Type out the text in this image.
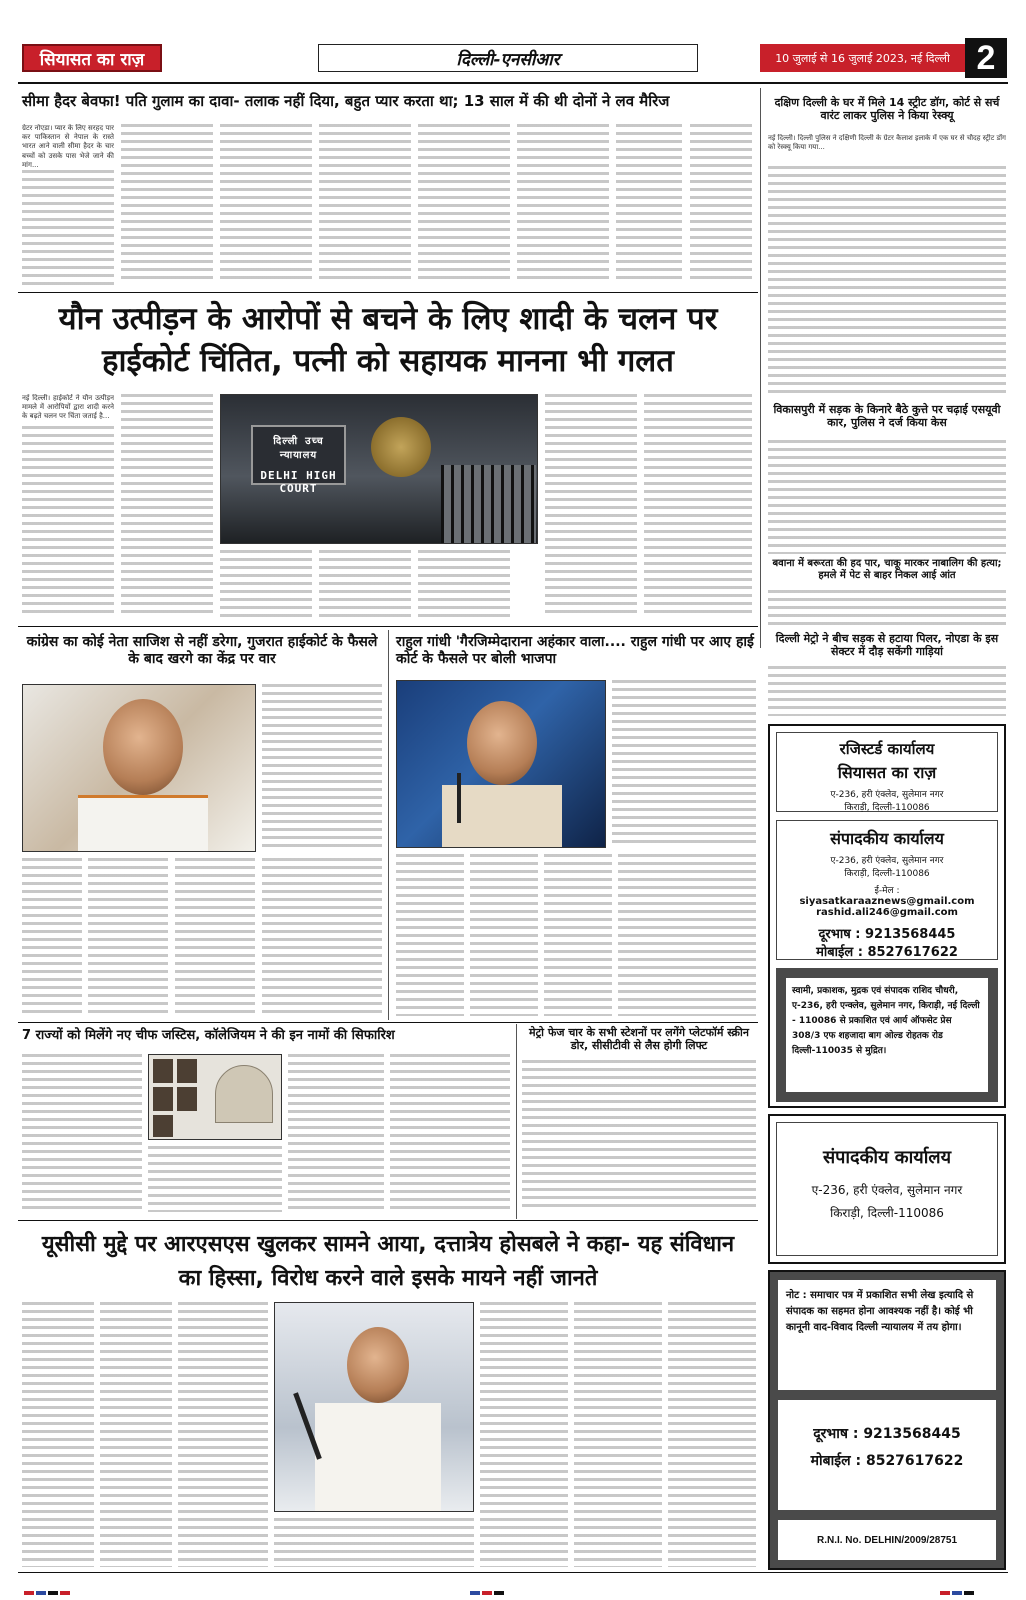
सियासत का राज़	दिल्ली-एनसीआर	10 जुलाई से 16 जुलाई 2023, नई दिल्ली 2
सीमा हैदर बेवफा! पति गुलाम का दावा- तलाक नहीं दिया, बहुत प्यार करता था; 13 साल में की थी दोनों ने लव मैरिज
ग्रेटर नोएडा। प्यार के लिए सरहद पार कर पाकिस्तान से नेपाल के रास्ते भारत आने वाली सीमा हैदर के चार बच्चों को उसके पास भेजे जाने की मांग...
दक्षिण दिल्ली के घर में मिले 14 स्ट्रीट डॉग, कोर्ट से सर्च वारंट लाकर पुलिस ने किया रेस्क्यू
नई दिल्ली। दिल्ली पुलिस ने दक्षिणी दिल्ली के ग्रेटर कैलाश इलाके में एक घर से चौदह स्ट्रीट डॉग को रेस्क्यू किया गया...
यौन उत्पीड़न के आरोपों से बचने के लिए शादी के चलन पर हाईकोर्ट चिंतित, पत्नी को सहायक मानना भी गलत
नई दिल्ली। हाईकोर्ट ने यौन उत्पीड़न मामले में आरोपियों द्वारा शादी करने के बढ़ते चलन पर चिंता जताई है...
दिल्ली उच्च न्यायालय
DELHI HIGH COURT
विकासपुरी में सड़क के किनारे बैठे कुत्ते पर चढ़ाई एसयूवी कार, पुलिस ने दर्ज किया केस
बवाना में बरूरता की हद पार, चाकू मारकर नाबालिग की हत्या; हमले में पेट से बाहर निकल आई आंत
दिल्ली मेट्रो ने बीच सड़क से हटाया पिलर, नोएडा के इस सेक्टर में दौड़ सकेंगी गाड़ियां
कांग्रेस का कोई नेता साजिश से नहीं डरेगा, गुजरात हाईकोर्ट के फैसले के बाद खरगे का केंद्र पर वार
राहुल गांधी 'गैरजिम्मेदाराना अहंकार वाला.... राहुल गांधी पर आए हाई कोर्ट के फैसले पर बोली भाजपा
रजिस्टर्ड कार्यालय
सियासत का राज़
ए-236, हरी एंक्लेव, सुलेमान नगर
किराड़ी, दिल्ली-110086
संपादकीय कार्यालय
ए-236, हरी एंक्लेव, सुलेमान नगर
किराड़ी, दिल्ली-110086
ई-मेल :
siyasatkaraaznews@gmail.com
rashid.ali246@gmail.com
दूरभाष : 9213568445
मोबाईल : 8527617622
स्वामी, प्रकाशक, मुद्रक एवं संपादक राशिद चौधरी, ए-236, हरी एन्क्लेव, सुलेमान नगर, किराड़ी, नई दिल्ली - 110086 से प्रकाशित एवं आर्य ऑफसेट प्रेस 308/3 एफ शहजादा बाग ओल्ड रोहतक रोड दिल्ली-110035 से मुद्रित।
7 राज्यों को मिलेंगे नए चीफ जस्टिस, कॉलेजियम ने की इन नामों की सिफारिश	मेट्रो फेज चार के सभी स्टेशनों पर लगेंगे प्लेटफॉर्म स्क्रीन डोर, सीसीटीवी से लैस होगी लिफ्ट
यूसीसी मुद्दे पर आरएसएस खुलकर सामने आया, दत्तात्रेय होसबले ने कहा- यह संविधान का हिस्सा, विरोध करने वाले इसके मायने नहीं जानते
संपादकीय कार्यालय
ए-236, हरी एंक्लेव, सुलेमान नगर
किराड़ी, दिल्ली-110086
नोट : समाचार पत्र में प्रकाशित सभी लेख इत्यादि से संपादक का सहमत होना आवश्यक नहीं है। कोई भी कानूनी वाद-विवाद दिल्ली न्यायालय में तय होगा।
दूरभाष : 9213568445
मोबाईल : 8527617622
R.N.I. No. DELHIN/2009/28751
